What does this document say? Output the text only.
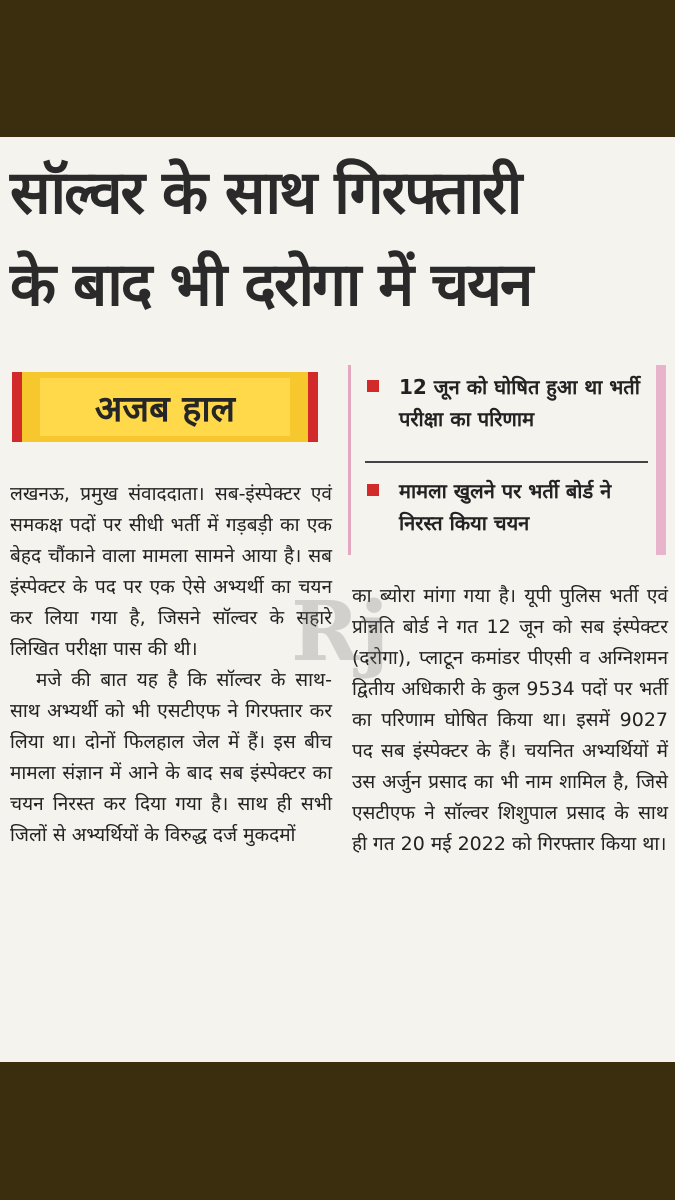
सॉल्वर के साथ गिरफ्तारी
के बाद भी दरोगा में चयन
अजब हाल
12 जून को घोषित हुआ था भर्ती परीक्षा का परिणाम
मामला खुलने पर भर्ती बोर्ड ने निरस्त किया चयन

लखनऊ, प्रमुख संवाददाता। सब-इंस्पेक्टर एवं समकक्ष पदों पर सीधी भर्ती में गड़बड़ी का एक बेहद चौंकाने वाला मामला सामने आया है। सब इंस्पेक्टर के पद पर एक ऐसे अभ्यर्थी का चयन कर लिया गया है, जिसने सॉल्वर के सहारे लिखित परीक्षा पास की थी।

मजे की बात यह है कि सॉल्वर के साथ-साथ अभ्यर्थी को भी एसटीएफ ने गिरफ्तार कर लिया था। दोनों फिलहाल जेल में हैं। इस बीच मामला संज्ञान में आने के बाद सब इंस्पेक्टर का चयन निरस्त कर दिया गया है। साथ ही सभी जिलों से अभ्यर्थियों के विरुद्ध दर्ज मुकदमों

का ब्योरा मांगा गया है। यूपी पुलिस भर्ती एवं प्रोन्नति बोर्ड ने गत 12 जून को सब इंस्पेक्टर (दरोगा), प्लाटून कमांडर पीएसी व अग्निशमन द्वितीय अधिकारी के कुल 9534 पदों पर भर्ती का परिणाम घोषित किया था। इसमें 9027 पद सब इंस्पेक्टर के हैं। चयनित अभ्यर्थियों में उस अर्जुन प्रसाद का भी नाम शामिल है, जिसे एसटीएफ ने सॉल्वर शिशुपाल प्रसाद के साथ ही गत 20 मई 2022 को गिरफ्तार किया था।

Rj
